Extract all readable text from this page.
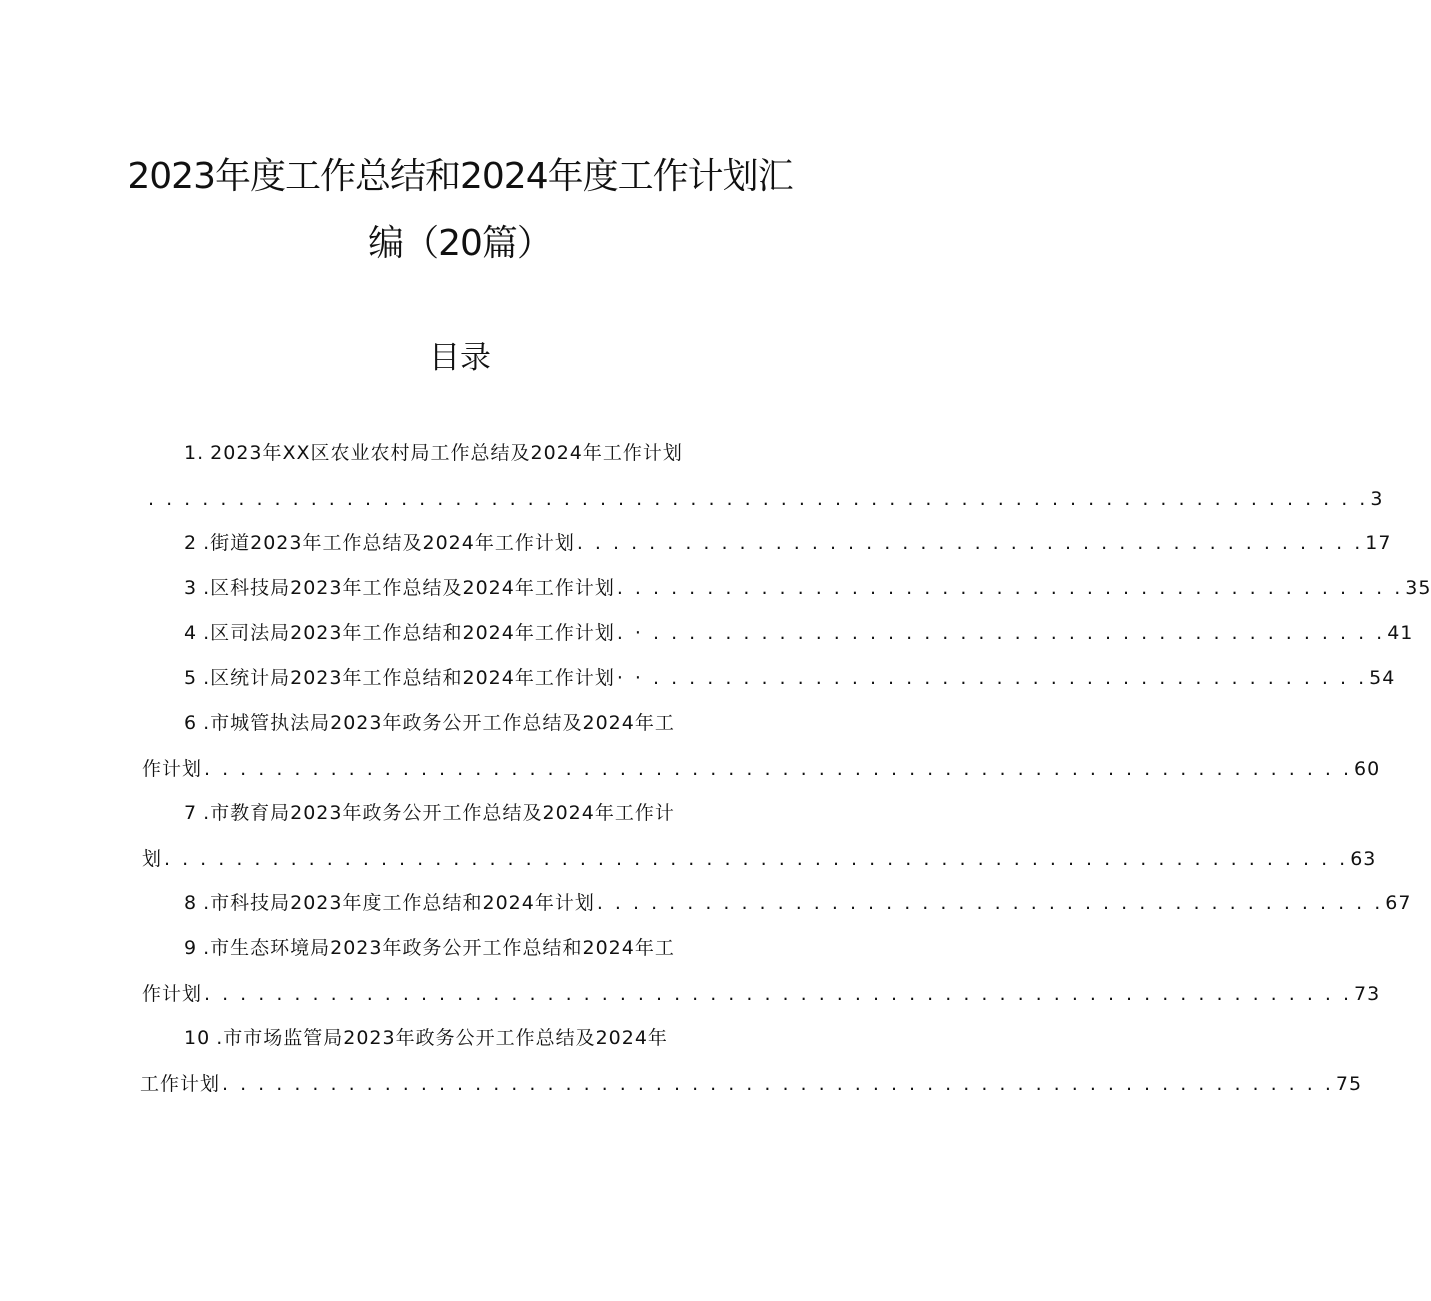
2023年度工作总结和2024年度工作计划汇
编（20篇）
目录
1. 2023年XX区农业农村局工作总结及2024年工作计划
. . . . . . . . . . . . . . . . . . . . . . . . . . . . . . . . . . . . . . . . . . . . . . . . . . . . . . . . . . . . . . . . . . . . 3
2 .街道2023年工作总结及2024年工作计划 . . . . . . . . . . . . . . . . . . . . . . . . . . . . . . . . . . . . . . . . . . . . 17
3 .区科技局2023年工作总结及2024年工作计划 . . . . . . . . . . . . . . . . . . . . . . . . . . . . . . . . . . . . . . . . . . . . 35
4 .区司法局2023年工作总结和2024年工作计划 . · . . . . . . . . . . . . . . . . . . . . . . . . . . . . . . . . . . . . . . . . . 41
5 .区统计局2023年工作总结和2024年工作计划 · · . . . . . . . . . . . . . . . . . . . . . . . . . . . . . . . . . . . . . . . . 54
6 .市城管执法局2023年政务公开工作总结及2024年工
作计划 . . . . . . . . . . . . . . . . . . . . . . . . . . . . . . . . . . . . . . . . . . . . . . . . . . . . . . . . . . . . . . . . 60
7 .市教育局2023年政务公开工作总结及2024年工作计
划 . . . . . . . . . . . . . . . . . . . . . . . . . . . . . . . . . . . . . . . . . . . . . . . . . . . . . . . . . . . . . . . . . . 63
8 .市科技局2023年度工作总结和2024年计划 . . . . . . . . . . . . . . . . . . . . . . . . . . . . . . . . . . . . . . . . . . . . 67
9 .市生态环境局2023年政务公开工作总结和2024年工
作计划 . . . . . . . . . . . . . . . . . . . . . . . . . . . . . . . . . . . . . . . . . . . . . . . . . . . . . . . . . . . . . . . . 73
10 .市市场监管局2023年政务公开工作总结及2024年
工作计划 . . . . . . . . . . . . . . . . . . . . . . . . . . . . . . . . . . . . . . . . . . . . . . . . . . . . . . . . . . . . . . 75
